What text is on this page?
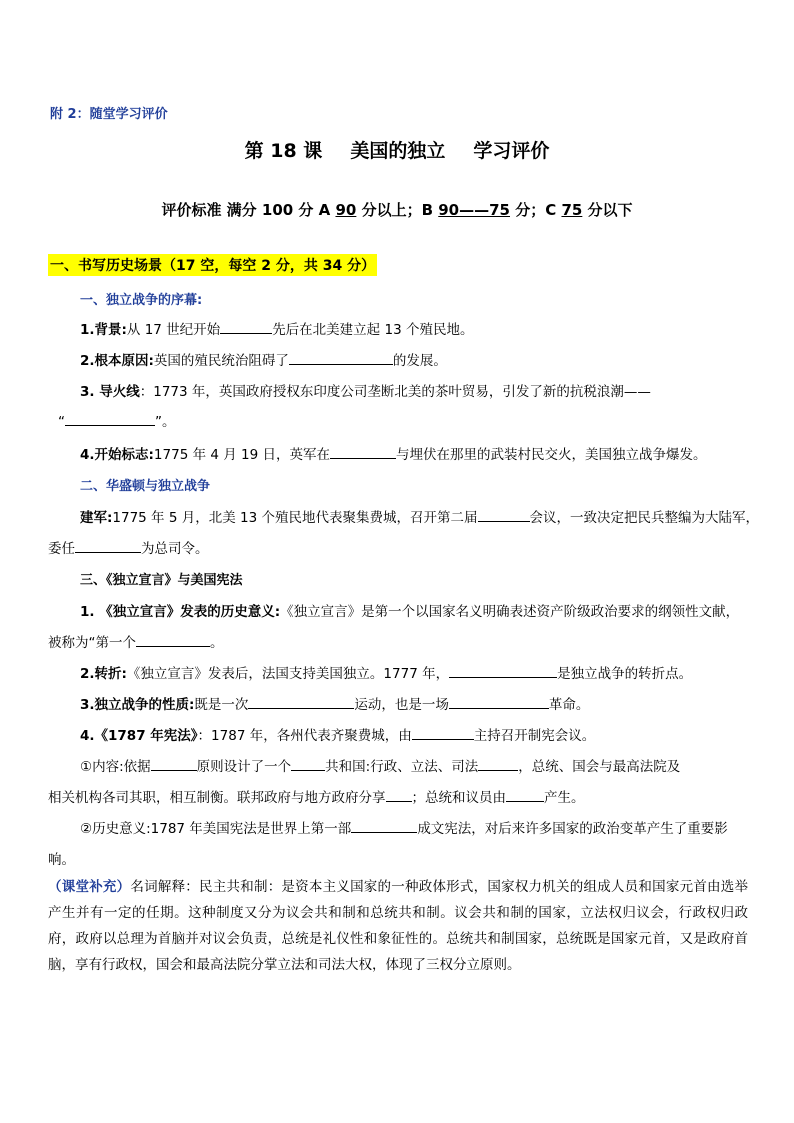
附 2：随堂学习评价
第 18 课 美国的独立 学习评价
评价标准 满分 100 分 A 90 分以上；B 90——75 分；C 75 分以下
一、书写历史场景（17 空，每空 2 分，共 34 分）
一、独立战争的序幕:
1.背景:从 17 世纪开始	先后在北美建立起 13 个殖民地。
2.根本原因:英国的殖民统治阻碍了	的发展。
3. 导火线：1773 年，英国政府授权东印度公司垄断北美的茶叶贸易，引发了新的抗税浪潮——
“	”。
4.开始标志:1775 年 4 月 19 日，英军在	与埋伏在那里的武装村民交火，美国独立战争爆发。
二、华盛顿与独立战争
建军:1775 年 5 月，北美 13 个殖民地代表聚集费城，召开第二届	会议，一致决定把民兵整编为大陆军，
委任	为总司令。
三、《独立宣言》与美国宪法
1. 《独立宣言》发表的历史意义:《独立宣言》是第一个以国家名义明确表述资产阶级政治要求的纲领性文献，
被称为“第一个	。
2.转折:《独立宣言》发表后，法国支持美国独立。1777 年，	是独立战争的转折点。
3.独立战争的性质:既是一次	运动，也是一场	革命。
4.《1787 年宪法》：1787 年，各州代表齐聚费城，由	主持召开制宪会议。
①内容:依据	原则设计了一个	共和国:行政、立法、司法	，总统、国会与最高法院及
相关机构各司其职，相互制衡。联邦政府与地方政府分享 ；总统和议员由	产生。
②历史意义:1787 年美国宪法是世界上第一部	成文宪法，对后来许多国家的政治变革产生了重要影
响。
（课堂补充）名词解释：民主共和制：是资本主义国家的一种政体形式，国家权力机关的组成人员和国家元首由选举产生并有一定的任期。这种制度又分为议会共和制和总统共和制。议会共和制的国家，立法权归议会，行政权归政府，政府以总理为首脑并对议会负责，总统是礼仪性和象征性的。总统共和制国家，总统既是国家元首，又是政府首脑，享有行政权，国会和最高法院分掌立法和司法大权，体现了三权分立原则。
